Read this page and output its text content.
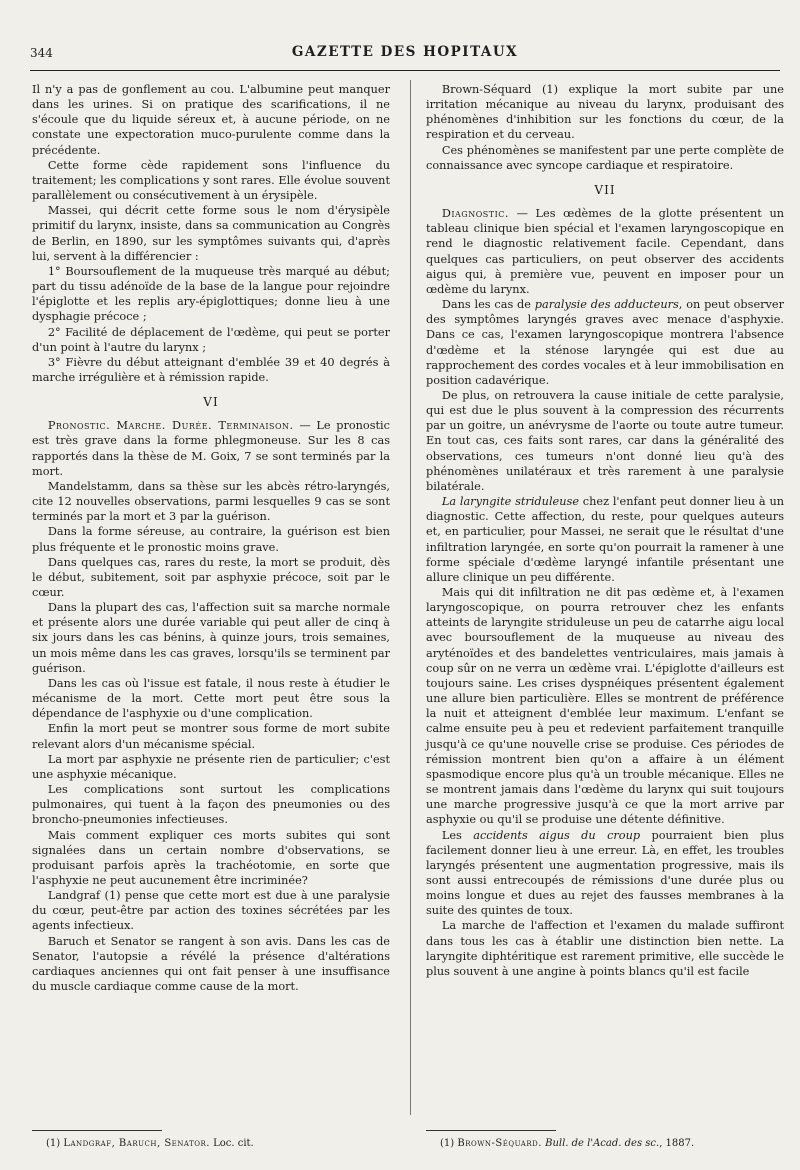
344	GAZETTE DES HOPITAUX

Il n'y a pas de gonflement au cou. L'albumine peut manquer dans les urines. Si on pratique des scarifications, il ne s'écoule que du liquide séreux et, à aucune période, on ne constate une expectoration muco-purulente comme dans la précédente.

Cette forme cède rapidement sons l'influence du traitement; les complications y sont rares. Elle évolue souvent parallèlement ou consécutivement à un érysipèle.

Massei, qui décrit cette forme sous le nom d'érysipèle primitif du larynx, insiste, dans sa communication au Congrès de Berlin, en 1890, sur les symptômes suivants qui, d'après lui, servent à la différencier :

1° Boursouflement de la muqueuse très marqué au début; part du tissu adénoïde de la base de la langue pour rejoindre l'épiglotte et les replis ary-épiglottiques; donne lieu à une dysphagie précoce ;

2° Facilité de déplacement de l'œdème, qui peut se porter d'un point à l'autre du larynx ;

3° Fièvre du début atteignant d'emblée 39 et 40 degrés à marche irrégulière et à rémission rapide.

VI

Pronostic. Marche. Durée. Terminaison. — Le pronostic est très grave dans la forme phlegmoneuse. Sur les 8 cas rapportés dans la thèse de M. Goix, 7 se sont terminés par la mort.

Mandelstamm, dans sa thèse sur les abcès rétro-laryngés, cite 12 nouvelles observations, parmi lesquelles 9 cas se sont terminés par la mort et 3 par la guérison.

Dans la forme séreuse, au contraire, la guérison est bien plus fréquente et le pronostic moins grave.

Dans quelques cas, rares du reste, la mort se produit, dès le début, subitement, soit par asphyxie précoce, soit par le cœur.

Dans la plupart des cas, l'affection suit sa marche normale et présente alors une durée variable qui peut aller de cinq à six jours dans les cas bénins, à quinze jours, trois semaines, un mois même dans les cas graves, lorsqu'ils se terminent par guérison.

Dans les cas où l'issue est fatale, il nous reste à étudier le mécanisme de la mort. Cette mort peut être sous la dépendance de l'asphyxie ou d'une complication.

Enfin la mort peut se montrer sous forme de mort subite relevant alors d'un mécanisme spécial.

La mort par asphyxie ne présente rien de particulier; c'est une asphyxie mécanique.

Les complications sont surtout les complications pulmonaires, qui tuent à la façon des pneumonies ou des broncho-pneumonies infectieuses.

Mais comment expliquer ces morts subites qui sont signalées dans un certain nombre d'observations, se produisant parfois après la trachéotomie, en sorte que l'asphyxie ne peut aucunement être incriminée?

Landgraf (1) pense que cette mort est due à une paralysie du cœur, peut-être par action des toxines sécrétées par les agents infectieux.

Baruch et Senator se rangent à son avis. Dans les cas de Senator, l'autopsie a révélé la présence d'altérations cardiaques anciennes qui ont fait penser à une insuffisance du muscle cardiaque comme cause de la mort.

(1) Landgraf, Baruch, Senator. Loc. cit.

Brown-Séquard (1) explique la mort subite par une irritation mécanique au niveau du larynx, produisant des phénomènes d'inhibition sur les fonctions du cœur, de la respiration et du cerveau.

Ces phénomènes se manifestent par une perte complète de connaissance avec syncope cardiaque et respiratoire.

VII

Diagnostic. — Les œdèmes de la glotte présentent un tableau clinique bien spécial et l'examen laryngoscopique en rend le diagnostic relativement facile. Cependant, dans quelques cas particuliers, on peut observer des accidents aigus qui, à première vue, peuvent en imposer pour un œdème du larynx.

Dans les cas de paralysie des adducteurs, on peut observer des symptômes laryngés graves avec menace d'asphyxie. Dans ce cas, l'examen laryngoscopique montrera l'absence d'œdème et la sténose laryngée qui est due au rapprochement des cordes vocales et à leur immobilisation en position cadavérique.

De plus, on retrouvera la cause initiale de cette paralysie, qui est due le plus souvent à la compression des récurrents par un goitre, un anévrysme de l'aorte ou toute autre tumeur. En tout cas, ces faits sont rares, car dans la généralité des observations, ces tumeurs n'ont donné lieu qu'à des phénomènes unilatéraux et très rarement à une paralysie bilatérale.

La laryngite striduleuse chez l'enfant peut donner lieu à un diagnostic. Cette affection, du reste, pour quelques auteurs et, en particulier, pour Massei, ne serait que le résultat d'une infiltration laryngée, en sorte qu'on pourrait la ramener à une forme spéciale d'œdème laryngé infantile présentant une allure clinique un peu différente.

Mais qui dit infiltration ne dit pas œdème et, à l'examen laryngoscopique, on pourra retrouver chez les enfants atteints de laryngite striduleuse un peu de catarrhe aigu local avec boursouflement de la muqueuse au niveau des aryténoïdes et des bandelettes ventriculaires, mais jamais à coup sûr on ne verra un œdème vrai. L'épiglotte d'ailleurs est toujours saine. Les crises dyspnéiques présentent également une allure bien particulière. Elles se montrent de préférence la nuit et atteignent d'emblée leur maximum. L'enfant se calme ensuite peu à peu et redevient parfaitement tranquille jusqu'à ce qu'une nouvelle crise se produise. Ces périodes de rémission montrent bien qu'on a affaire à un élément spasmodique encore plus qu'à un trouble mécanique. Elles ne se montrent jamais dans l'œdème du larynx qui suit toujours une marche progressive jusqu'à ce que la mort arrive par asphyxie ou qu'il se produise une détente définitive.

Les accidents aigus du croup pourraient bien plus facilement donner lieu à une erreur. Là, en effet, les troubles laryngés présentent une augmentation progressive, mais ils sont aussi entrecoupés de rémissions d'une durée plus ou moins longue et dues au rejet des fausses membranes à la suite des quintes de toux.

La marche de l'affection et l'examen du malade suffiront dans tous les cas à établir une distinction bien nette. La laryngite diphtéritique est rarement primitive, elle succède le plus souvent à une angine à points blancs qu'il est facile

(1) Brown-Séquard. Bull. de l'Acad. des sc., 1887.
